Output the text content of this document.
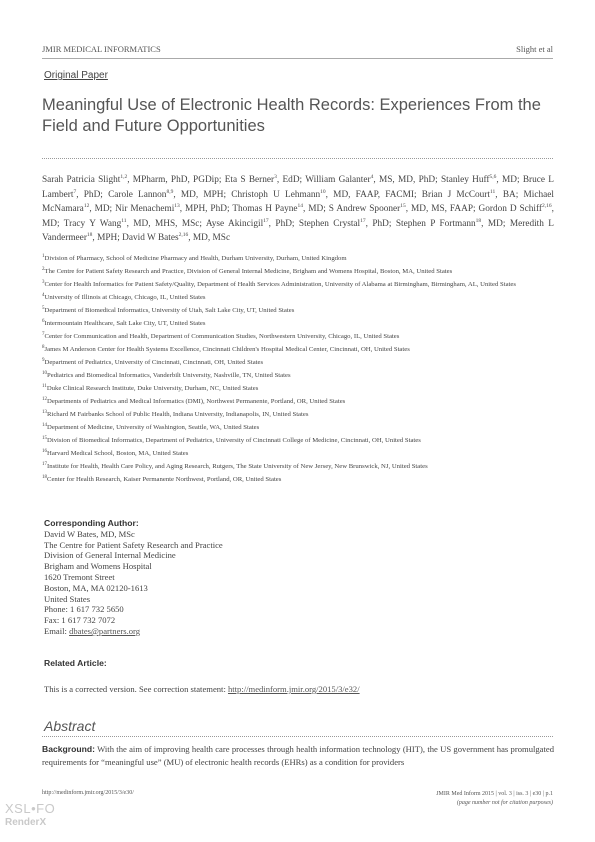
JMIR MEDICAL INFORMATICS	Slight et al
Original Paper
Meaningful Use of Electronic Health Records: Experiences From the Field and Future Opportunities
Sarah Patricia Slight$^{1,2}$, MPharm, PhD, PGDip; Eta S Berner$^3$, EdD; William Galanter$^4$, MS, MD, PhD; Stanley Huff$^{5,6}$, MD; Bruce L Lambert$^7$, PhD; Carole Lannon$^{8,9}$, MD, MPH; Christoph U Lehmann$^{10}$, MD, FAAP, FACMI; Brian J McCourt$^{11}$, BA; Michael McNamara$^{12}$, MD; Nir Menachemi$^{13}$, MPH, PhD; Thomas H Payne$^{14}$, MD; S Andrew Spooner$^{15}$, MD, MS, FAAP; Gordon D Schiff$^{2,16}$, MD; Tracy Y Wang$^{11}$, MD, MHS, MSc; Ayse Akincigil$^{17}$, PhD; Stephen Crystal$^{17}$, PhD; Stephen P Fortmann$^{18}$, MD; Meredith L Vandermeer$^{18}$, MPH; David W Bates$^{2,16}$, MD, MSc
$^1$Division of Pharmacy, School of Medicine Pharmacy and Health, Durham University, Durham, United Kingdom
$^2$The Centre for Patient Safety Research and Practice, Division of General Internal Medicine, Brigham and Womens Hospital, Boston, MA, United States
$^3$Center for Health Informatics for Patient Safety/Quality, Department of Health Services Administration, University of Alabama at Birmingham, Birmingham, AL, United States
$^4$University of Illinois at Chicago, Chicago, IL, United States
$^5$Department of Biomedical Informatics, University of Utah, Salt Lake City, UT, United States
$^6$Intermountain Healthcare, Salt Lake City, UT, United States
$^7$Center for Communication and Health, Department of Communication Studies, Northwestern University, Chicago, IL, United States
$^8$James M Anderson Center for Health Systems Excellence, Cincinnati Children's Hospital Medical Center, Cincinnati, OH, United States
$^9$Department of Pediatrics, University of Cincinnati, Cincinnati, OH, United States
$^{10}$Pediatrics and Biomedical Informatics, Vanderbilt University, Nashville, TN, United States
$^{11}$Duke Clinical Research Institute, Duke University, Durham, NC, United States
$^{12}$Departments of Pediatrics and Medical Informatics (DMI), Northwest Permanente, Portland, OR, United States
$^{13}$Richard M Fairbanks School of Public Health, Indiana University, Indianapolis, IN, United States
$^{14}$Department of Medicine, University of Washington, Seattle, WA, United States
$^{15}$Division of Biomedical Informatics, Department of Pediatrics, University of Cincinnati College of Medicine, Cincinnati, OH, United States
$^{16}$Harvard Medical School, Boston, MA, United States
$^{17}$Institute for Health, Health Care Policy, and Aging Research, Rutgers, The State University of New Jersey, New Brunswick, NJ, United States
$^{18}$Center for Health Research, Kaiser Permanente Northwest, Portland, OR, United States
Corresponding Author:
David W Bates, MD, MSc
The Centre for Patient Safety Research and Practice
Division of General Internal Medicine
Brigham and Womens Hospital
1620 Tremont Street
Boston, MA, MA 02120-1613
United States
Phone: 1 617 732 5650
Fax: 1 617 732 7072
Email: dbates@partners.org
Related Article:
This is a corrected version. See correction statement: http://medinform.jmir.org/2015/3/e32/
Abstract
Background: With the aim of improving health care processes through health information technology (HIT), the US government has promulgated requirements for “meaningful use” (MU) of electronic health records (EHRs) as a condition for providers
http://medinform.jmir.org/2015/3/e30/	JMIR Med Inform 2015 | vol. 3 | iss. 3 | e30 | p.1
(page number not for citation purposes)
XSL•FO
RenderX
